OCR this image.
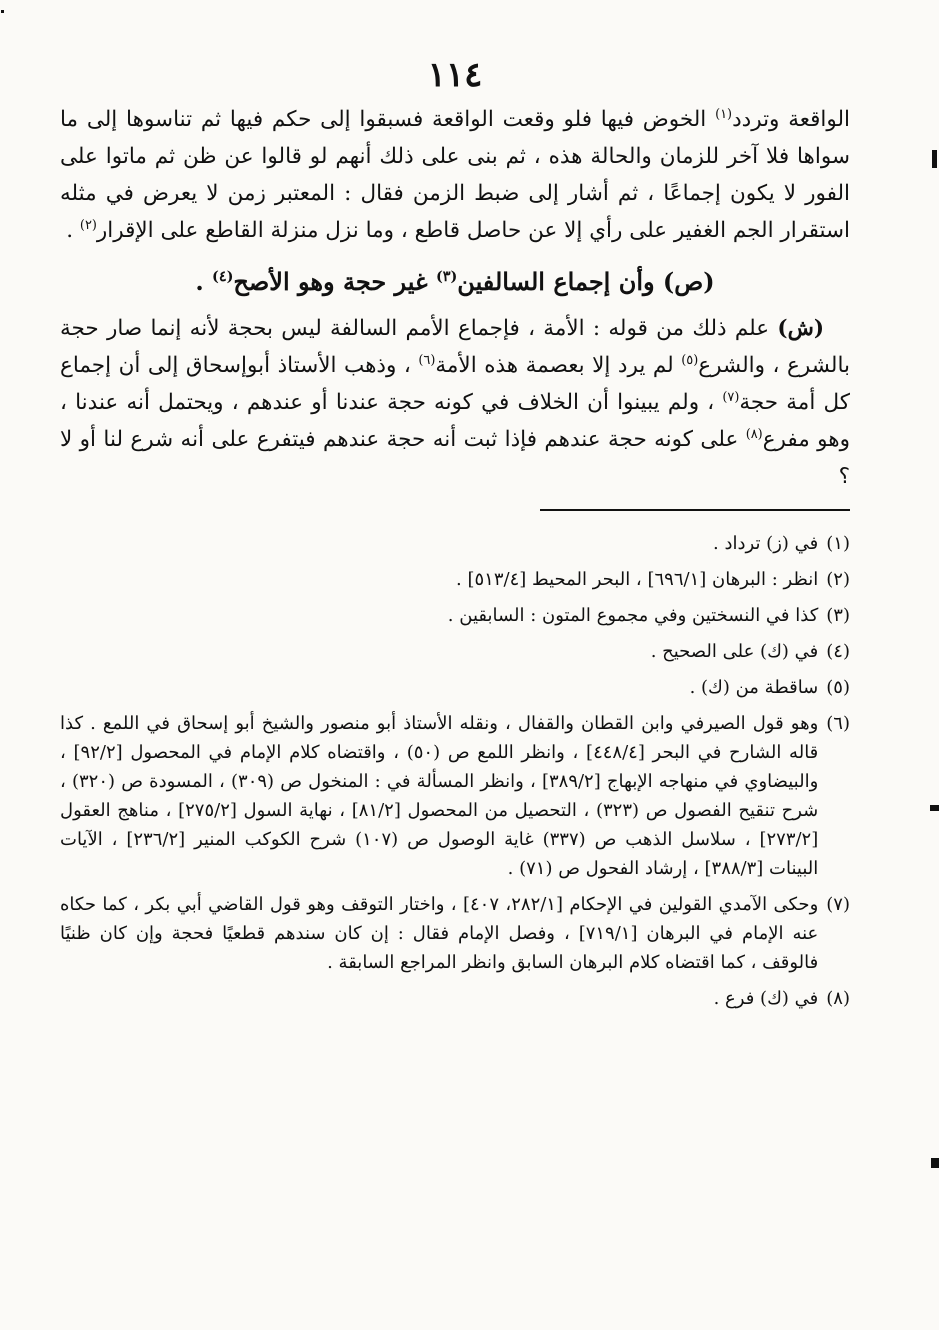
١١٤

الواقعة وتردد$^{(١)}$ الخوض فيها فلو وقعت الواقعة فسبقوا إلى حكم فيها ثم تناسوها إلى ما سواها فلا آخر للزمان والحالة هذه ، ثم بنى على ذلك أنهم لو قالوا عن ظن ثم ماتوا على الفور لا يكون إجماعًا ، ثم أشار إلى ضبط الزمن فقال : المعتبر زمن لا يعرض في مثله استقرار الجم الغفير على رأي إلا عن حاصل قاطع ، وما نزل منزلة القاطع على الإقرار$^{(٢)}$ .

(ص) وأن إجماع السالفين$^{(٣)}$ غير حجة وهو الأصح$^{(٤)}$ .

(ش) علم ذلك من قوله : الأمة ، فإجماع الأمم السالفة ليس بحجة لأنه إنما صار حجة بالشرع ، والشرع$^{(٥)}$ لم يرد إلا بعصمة هذه الأمة$^{(٦)}$ ، وذهب الأستاذ أبوإسحاق إلى أن إجماع كل أمة حجة$^{(٧)}$ ، ولم يبينوا أن الخلاف في كونه حجة عندنا أو عندهم ، ويحتمل أنه عندنا ، وهو مفرع$^{(٨)}$ على كونه حجة عندهم فإذا ثبت أنه حجة عندهم فيتفرع على أنه شرع لنا أو لا ؟

(١)
في (ز) ترداد .
(٢)
انظر : البرهان [٦٩٦/١] ، البحر المحيط [٥١٣/٤] .
(٣)
كذا في النسختين وفي مجموع المتون : السابقين .
(٤)
في (ك) على الصحيح .
(٥)
ساقطة من (ك) .
(٦)
وهو قول الصيرفي وابن القطان والقفال ، ونقله الأستاذ أبو منصور والشيخ أبو إسحاق في اللمع . كذا قاله الشارح في البحر [٤٤٨/٤] ، وانظر اللمع ص (٥٠) ، واقتضاه كلام الإمام في المحصول [٩٢/٢] ، والبيضاوي في منهاجه الإبهاج [٣٨٩/٢] ، وانظر المسألة في : المنخول ص (٣٠٩) ، المسودة ص (٣٢٠) ، شرح تنقيح الفصول ص (٣٢٣) ، التحصيل من المحصول [٨١/٢] ، نهاية السول [٢٧٥/٢] ، مناهج العقول [٢٧٣/٢] ، سلاسل الذهب ص (٣٣٧) غاية الوصول ص (١٠٧) شرح الكوكب المنير [٢٣٦/٢] ، الآيات البينات [٣٨٨/٣] ، إرشاد الفحول ص (٧١) .
(٧)
وحكى الآمدي القولين في الإحكام [٢٨٢/١، ٤٠٧] ، واختار التوقف وهو قول القاضي أبي بكر ، كما حكاه عنه الإمام في البرهان [٧١٩/١] ، وفصل الإمام فقال : إن كان سندهم قطعيًا فحجة وإن كان ظنيًا فالوقف ، كما اقتضاه كلام البرهان السابق وانظر المراجع السابقة .
(٨)
في (ك) فرع .
